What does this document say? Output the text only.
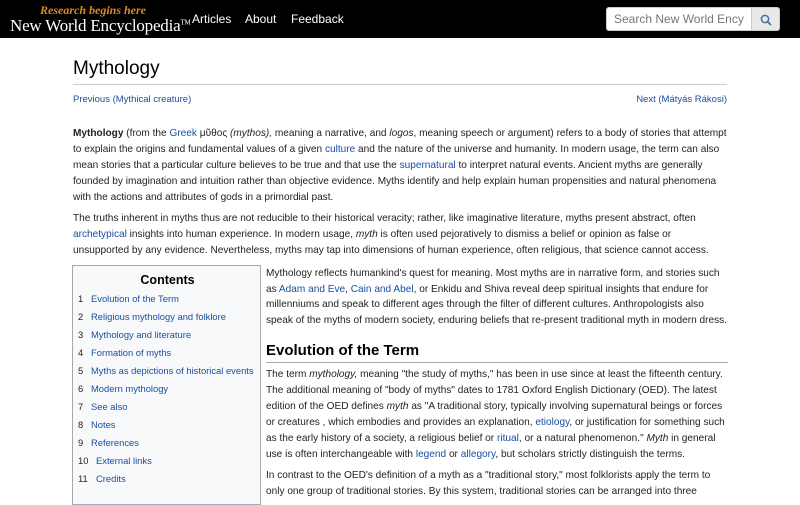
Research begins here
New World Encyclopedia™ Articles About Feedback
Search New World Encyclopedia
Mythology
Previous (Mythical creature)	Next (Mátyás Rákosi)

Mythology (from the Greek μῦθος (mythos), meaning a narrative, and logos, meaning speech or argument) refers to a body of stories that attempt to explain the origins and fundamental values of a given culture and the nature of the universe and humanity. In modern usage, the term can also mean stories that a particular culture believes to be true and that use the supernatural to interpret natural events. Ancient myths are generally founded by imagination and intuition rather than objective evidence. Myths identify and help explain human propensities and natural phenomena with the actions and attributes of gods in a primordial past.

The truths inherent in myths thus are not reducible to their historical veracity; rather, like imaginative literature, myths present abstract, often archetypical insights into human experience. In modern usage, myth is often used pejoratively to dismiss a belief or opinion as false or unsupported by any evidence. Nevertheless, myths may tap into dimensions of human experience, often religious, that science cannot access.

Contents
1 Evolution of the Term
2 Religious mythology and folklore
3 Mythology and literature
4 Formation of myths
5 Myths as depictions of historical events
6 Modern mythology
7 See also
8 Notes
9 References
10 External links
11 Credits

Mythology reflects humankind's quest for meaning. Most myths are in narrative form, and stories such as Adam and Eve, Cain and Abel, or Enkidu and Shiva reveal deep spiritual insights that endure for millenniums and speak to different ages through the filter of different cultures. Anthropologists also speak of the myths of modern society, enduring beliefs that re-present traditional myth in modern dress.

Evolution of the Term

The term mythology, meaning "the study of myths," has been in use since at least the fifteenth century. The additional meaning of "body of myths" dates to 1781 Oxford English Dictionary (OED). The latest edition of the OED defines myth as "A traditional story, typically involving supernatural beings or forces or creatures , which embodies and provides an explanation, etiology, or justification for something such as the early history of a society, a religious belief or ritual, or a natural phenomenon." Myth in general use is often interchangeable with legend or allegory, but scholars strictly distinguish the terms.

In contrast to the OED's definition of a myth as a "traditional story," most folklorists apply the term to only one group of traditional stories. By this system, traditional stories can be arranged into three
